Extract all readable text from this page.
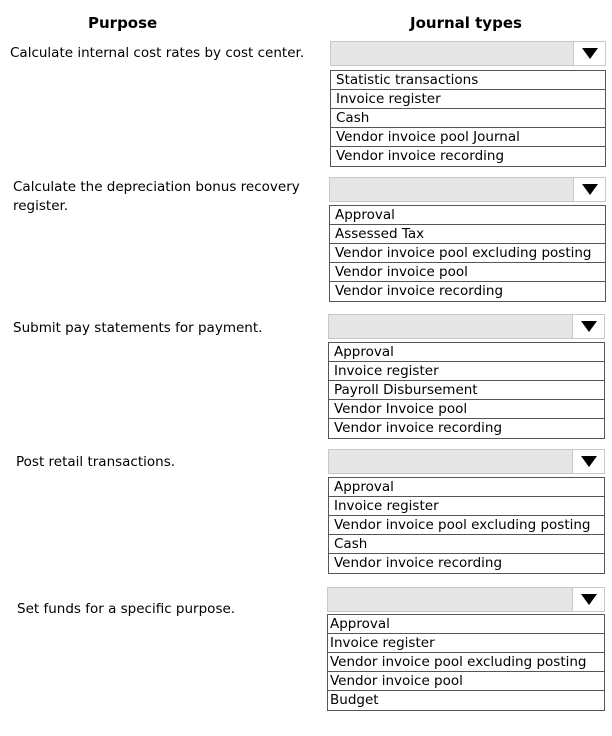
Purpose	Journal types
Calculate internal cost rates by cost center.
Statistic transactions
Invoice register
Cash
Vendor invoice pool Journal
Vendor invoice recording
Calculate the depreciation bonus recovery register.
Approval
Assessed Tax
Vendor invoice pool excluding posting
Vendor invoice pool
Vendor invoice recording
Submit pay statements for payment.
Approval
Invoice register
Payroll Disbursement
Vendor Invoice pool
Vendor invoice recording
Post retail transactions.
Approval
Invoice register
Vendor invoice pool excluding posting
Cash
Vendor invoice recording
Set funds for a specific purpose.
Approval
Invoice register
Vendor invoice pool excluding posting
Vendor invoice pool
Budget
